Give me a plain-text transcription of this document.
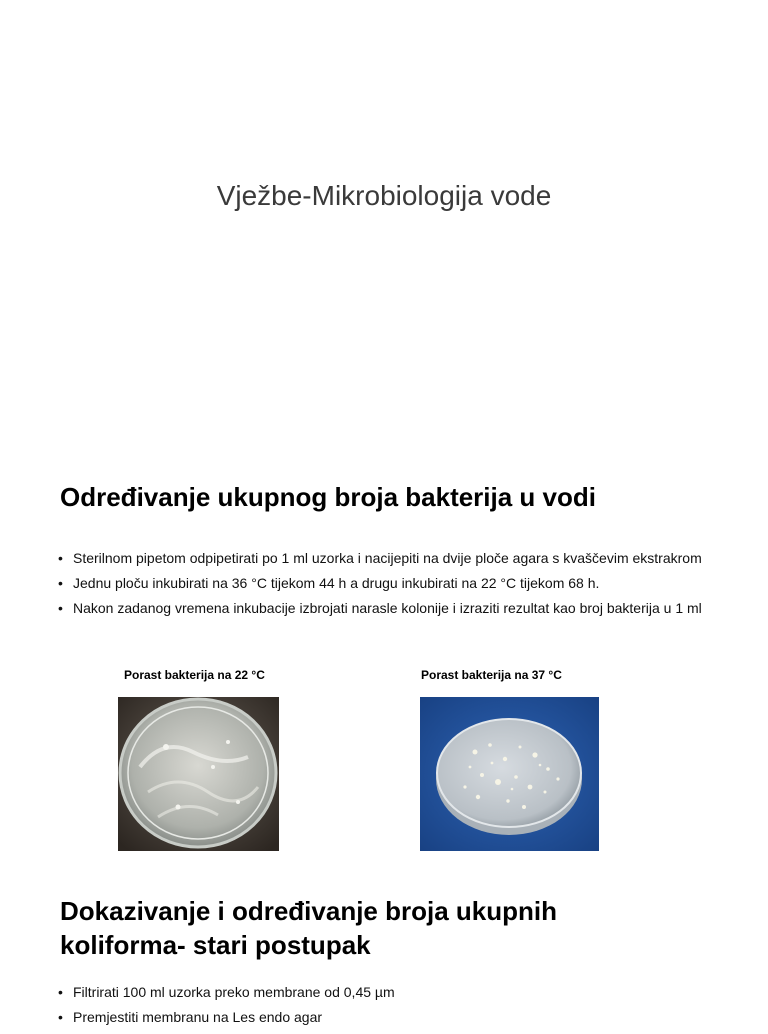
Vježbe-Mikrobiologija vode
Određivanje ukupnog broja bakterija u vodi
• Sterilnom pipetom odpipetirati po 1 ml uzorka i nacijepiti na dvije ploče agara s kvaščevim ekstrakrom
• Jednu ploču inkubirati na 36 °C tijekom 44 h a drugu inkubirati na 22 °C tijekom 68 h.
• Nakon zadanog vremena inkubacije izbrojati narasle kolonije i izraziti rezultat kao broj bakterija u 1 ml
Porast bakterija na 22 °C	Porast bakterija na 37 °C
Dokazivanje i određivanje broja ukupnih
koliforma- stari postupak
• Filtrirati 100 ml uzorka preko membrane od 0,45 µm
• Premjestiti membranu na Les endo agar
